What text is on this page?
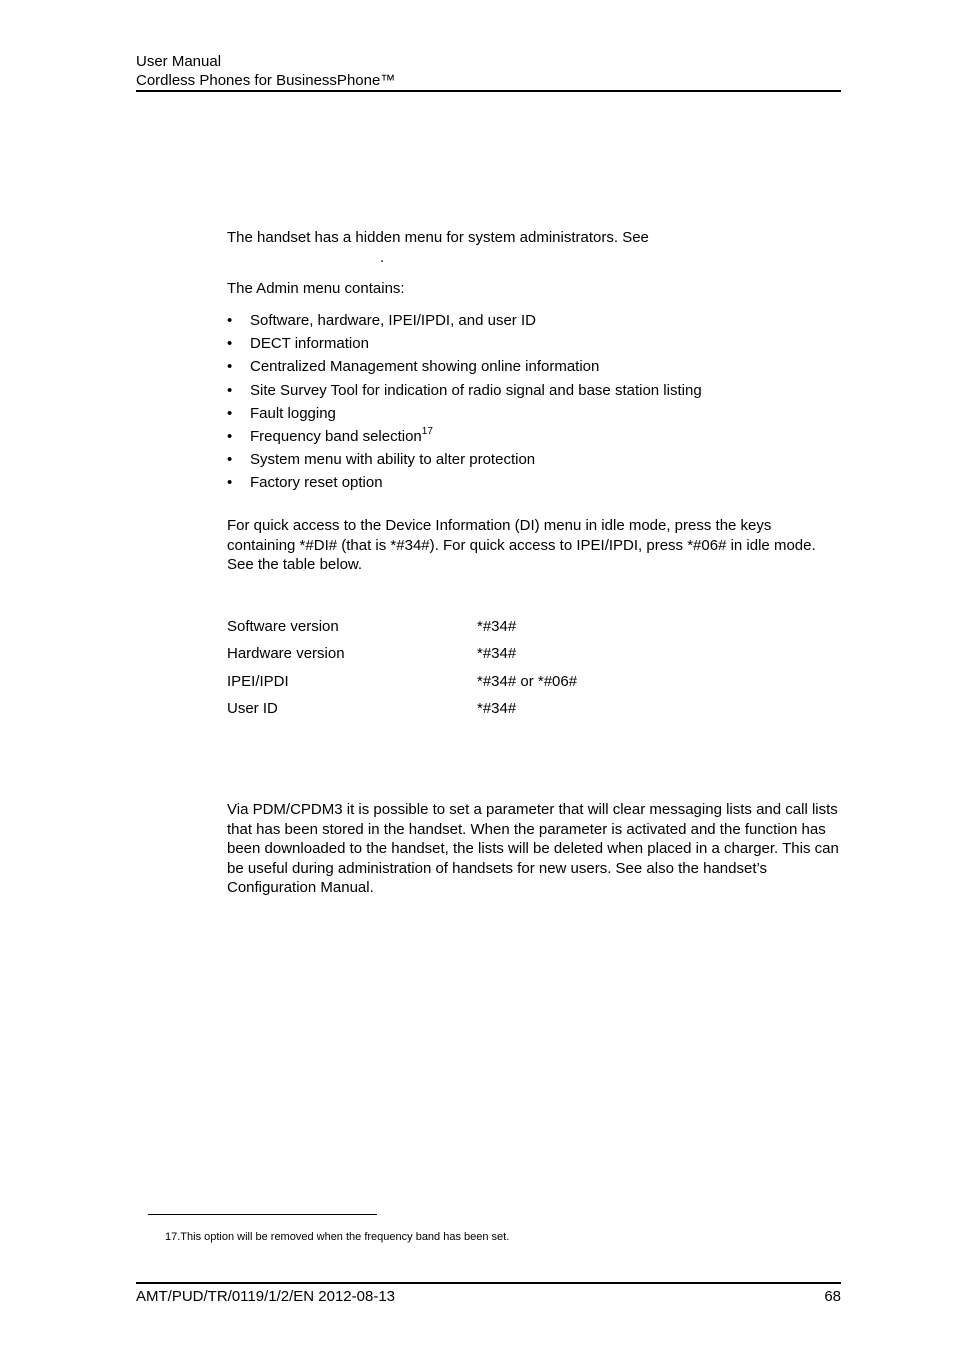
User Manual
Cordless Phones for BusinessPhone™
The handset has a hidden menu for system administrators. See
.
The Admin menu contains:
• Software, hardware, IPEI/IPDI, and user ID
• DECT information
• Centralized Management showing online information
• Site Survey Tool for indication of radio signal and base station listing
• Fault logging
• Frequency band selection$^{17}$
• System menu with ability to alter protection
• Factory reset option
For quick access to the Device Information (DI) menu in idle mode, press the keys containing *#DI# (that is *#34#). For quick access to IPEI/IPDI, press *#06# in idle mode. See the table below.
Software version	*#34#
Hardware version	*#34#
IPEI/IPDI	*#34# or *#06#
User ID	*#34#
Via PDM/CPDM3 it is possible to set a parameter that will clear messaging lists and call lists that has been stored in the handset. When the parameter is activated and the function has been downloaded to the handset, the lists will be deleted when placed in a charger. This can be useful during administration of handsets for new users. See also the handset’s Configuration Manual.
17.This option will be removed when the frequency band has been set.
AMT/PUD/TR/0119/1/2/EN 2012-08-13	68
